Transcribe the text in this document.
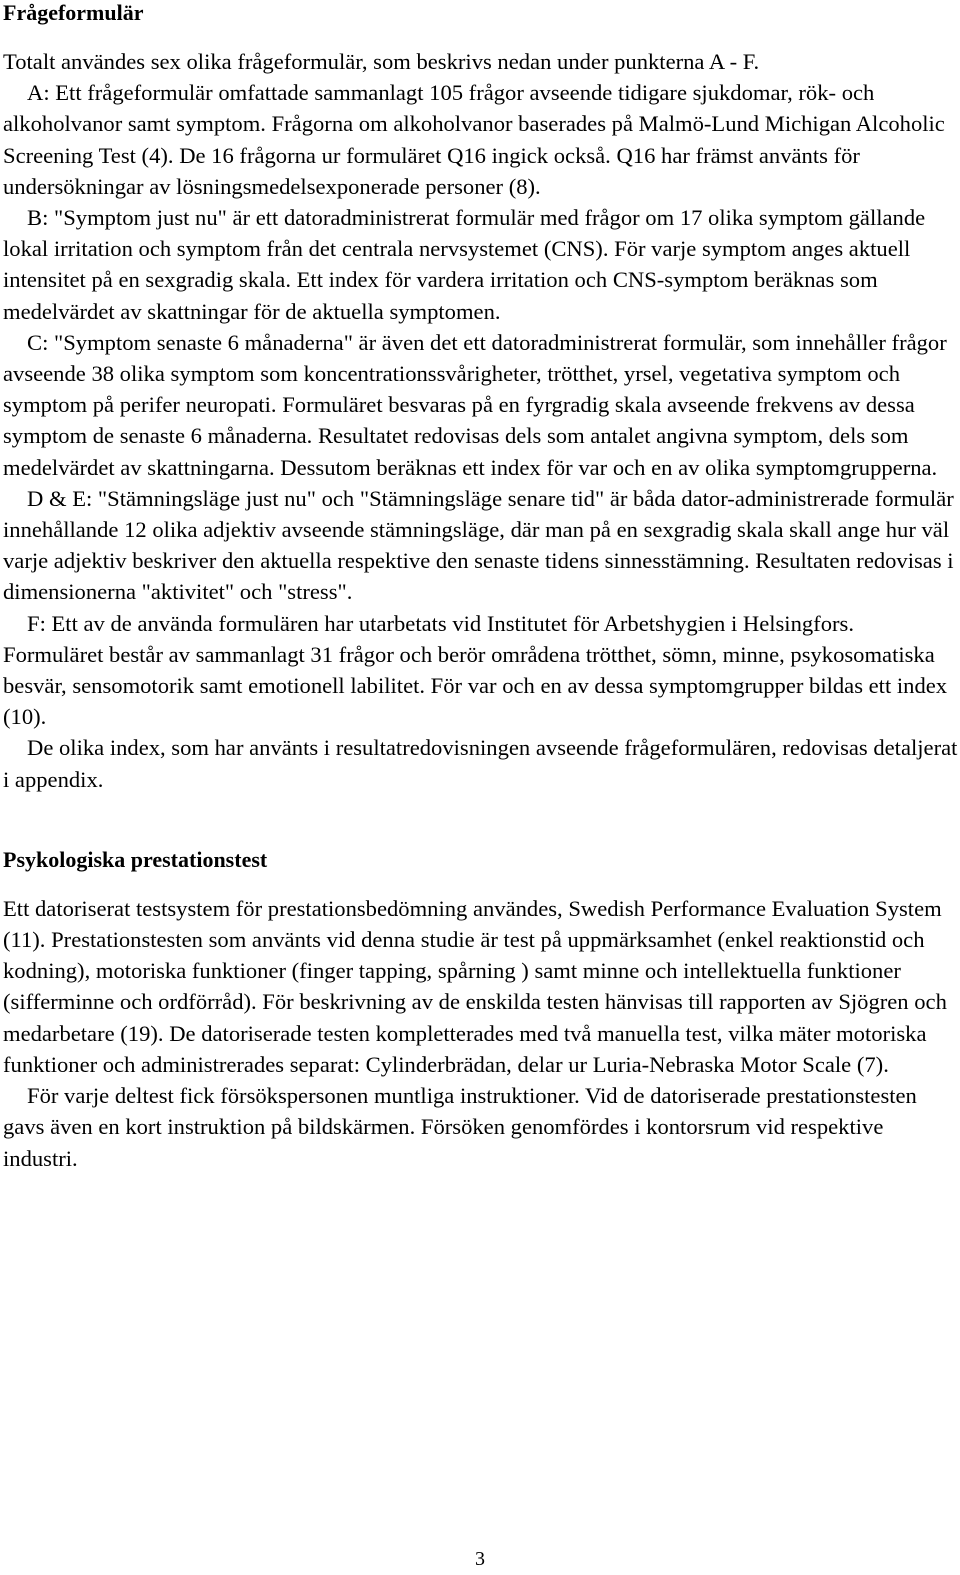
Frågeformulär

Totalt användes sex olika frågeformulär, som beskrivs nedan under punkterna A - F.

A: Ett frågeformulär omfattade sammanlagt 105 frågor avseende tidigare sjukdomar, rök- och alkoholvanor samt symptom. Frågorna om alkoholvanor baserades på Malmö-Lund Michigan Alcoholic Screening Test (4). De 16 frågorna ur formuläret Q16 ingick också. Q16 har främst använts för undersökningar av lösningsmedelsexponerade personer (8).

B: "Symptom just nu" är ett datoradministrerat formulär med frågor om 17 olika symptom gällande lokal irritation och symptom från det centrala nervsystemet (CNS). För varje symptom anges aktuell intensitet på en sexgradig skala. Ett index för vardera irritation och CNS-symptom beräknas som medelvärdet av skattningar för de aktuella symptomen.

C: "Symptom senaste 6 månaderna" är även det ett datoradministrerat formulär, som innehåller frågor avseende 38 olika symptom som koncentrationssvårigheter, trötthet, yrsel, vegetativa symptom och symptom på perifer neuropati. Formuläret besvaras på en fyrgradig skala avseende frekvens av dessa symptom de senaste 6 månaderna. Resultatet redovisas dels som antalet angivna symptom, dels som medelvärdet av skattningarna. Dessutom beräknas ett index för var och en av olika symptomgrupperna.

D & E: "Stämningsläge just nu" och "Stämningsläge senare tid" är båda dator-administrerade formulär innehållande 12 olika adjektiv avseende stämningsläge, där man på en sexgradig skala skall ange hur väl varje adjektiv beskriver den aktuella respektive den senaste tidens sinnesstämning. Resultaten redovisas i dimensionerna "aktivitet" och "stress".

F: Ett av de använda formulären har utarbetats vid Institutet för Arbetshygien i Helsingfors. Formuläret består av sammanlagt 31 frågor och berör områdena trötthet, sömn, minne, psykosomatiska besvär, sensomotorik samt emotionell labilitet. För var och en av dessa symptomgrupper bildas ett index (10).

De olika index, som har använts i resultatredovisningen avseende frågeformulären, redovisas detaljerat i appendix.

Psykologiska prestationstest

Ett datoriserat testsystem för prestationsbedömning användes, Swedish Performance Evaluation System (11). Prestationstesten som använts vid denna studie är test på uppmärksamhet (enkel reaktionstid och kodning), motoriska funktioner (finger tapping, spårning ) samt minne och intellektuella funktioner (sifferminne och ordförråd). För beskrivning av de enskilda testen hänvisas till rapporten av Sjögren och medarbetare (19). De datoriserade testen kompletterades med två manuella test, vilka mäter motoriska funktioner och administrerades separat: Cylinderbrädan, delar ur Luria-Nebraska Motor Scale (7).

För varje deltest fick försökspersonen muntliga instruktioner. Vid de datoriserade prestationstesten gavs även en kort instruktion på bildskärmen. Försöken genomfördes i kontorsrum vid respektive industri.

3
